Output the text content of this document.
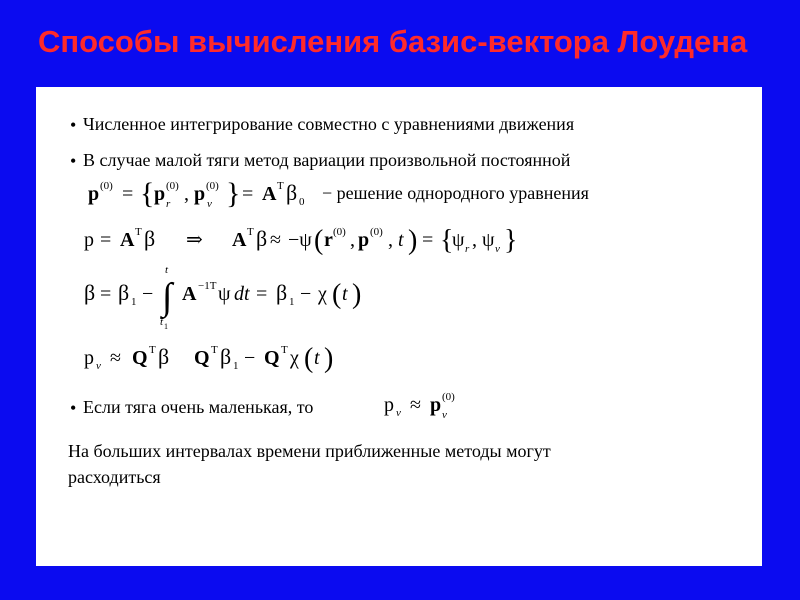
Способы вычисления базис-вектора Лоудена
• Численное интегрирование совместно с уравнениями движения
• В случае малой тяги метод вариации произвольной постоянной
p (0) = { p (0)
r , p (0)
v } = A T β 0 − решение однородного уравнения
p = A T β ⇒ A T β ≈ −ψ ( r (0) , p (0) , t ) = {
ψ r , ψ v }
β = β 1 − ∫
t
t 1
A −1T ψ dt = β 1 − χ ( t )
p v ≈ Q T β Q T β 1 − Q T χ ( t )
• Если тяга очень маленькая, то	p v ≈ p (0)
v
На больших интервалах времени приближенные методы могут
расходиться
